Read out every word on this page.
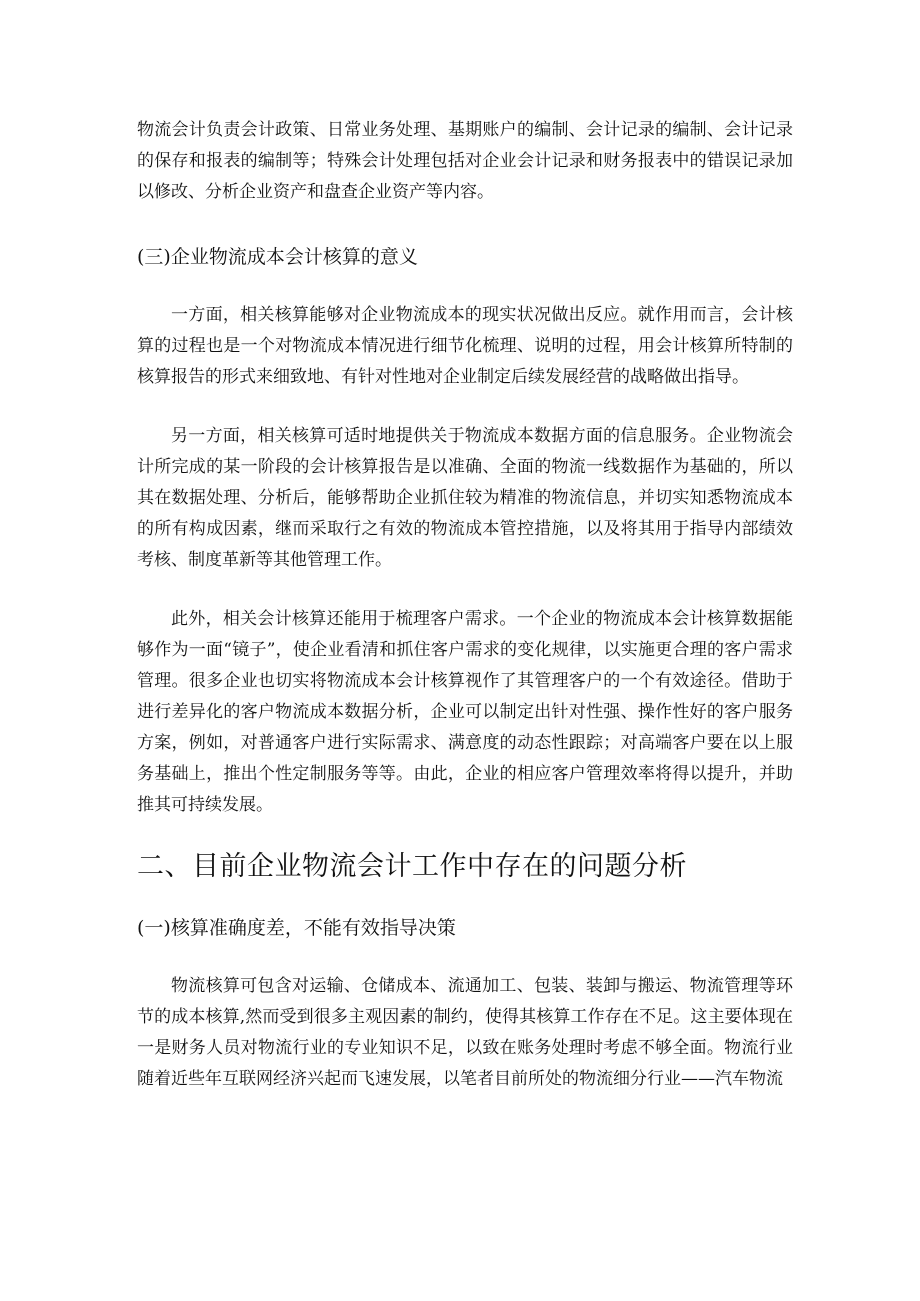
物流会计负责会计政策、日常业务处理、基期账户的编制、会计记录的编制、会计记录的保存和报表的编制等；特殊会计处理包括对企业会计记录和财务报表中的错误记录加以修改、分析企业资产和盘查企业资产等内容。

(三)企业物流成本会计核算的意义

一方面，相关核算能够对企业物流成本的现实状况做出反应。就作用而言，会计核算的过程也是一个对物流成本情况进行细节化梳理、说明的过程，用会计核算所特制的核算报告的形式来细致地、有针对性地对企业制定后续发展经营的战略做出指导。

另一方面，相关核算可适时地提供关于物流成本数据方面的信息服务。企业物流会计所完成的某一阶段的会计核算报告是以准确、全面的物流一线数据作为基础的，所以其在数据处理、分析后，能够帮助企业抓住较为精准的物流信息，并切实知悉物流成本的所有构成因素，继而采取行之有效的物流成本管控措施，以及将其用于指导内部绩效考核、制度革新等其他管理工作。

此外，相关会计核算还能用于梳理客户需求。一个企业的物流成本会计核算数据能够作为一面“镜子”，使企业看清和抓住客户需求的变化规律，以实施更合理的客户需求管理。很多企业也切实将物流成本会计核算视作了其管理客户的一个有效途径。借助于进行差异化的客户物流成本数据分析，企业可以制定出针对性强、操作性好的客户服务方案，例如，对普通客户进行实际需求、满意度的动态性跟踪；对高端客户要在以上服务基础上，推出个性定制服务等等。由此，企业的相应客户管理效率将得以提升，并助推其可持续发展。

二、目前企业物流会计工作中存在的问题分析

(一)核算准确度差，不能有效指导决策

物流核算可包含对运输、仓储成本、流通加工、包装、装卸与搬运、物流管理等环节的成本核算,然而受到很多主观因素的制约，使得其核算工作存在不足。这主要体现在一是财务人员对物流行业的专业知识不足，以致在账务处理时考虑不够全面。物流行业随着近些年互联网经济兴起而飞速发展，以笔者目前所处的物流细分行业——汽车物流
